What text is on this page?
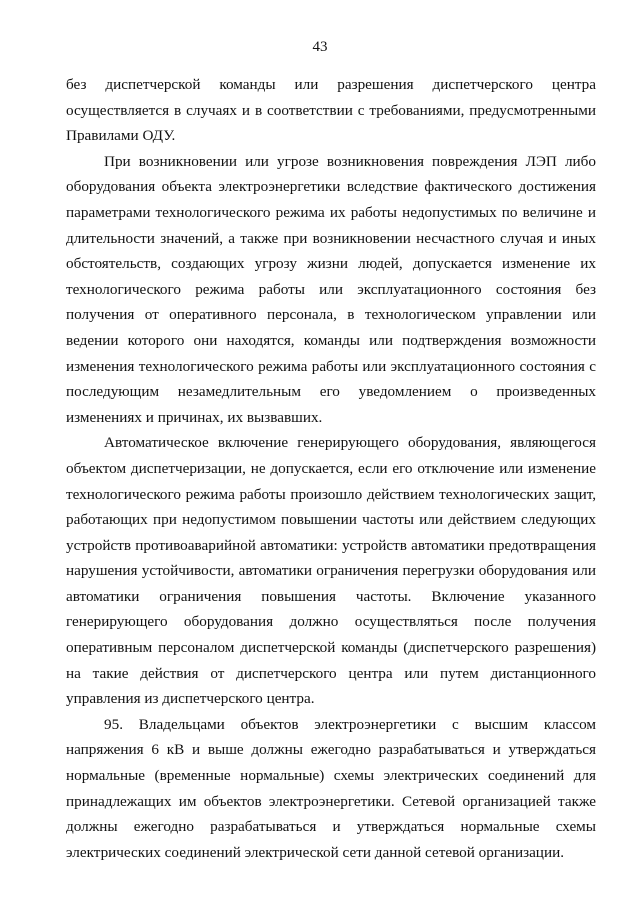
43

без диспетчерской команды или разрешения диспетчерского центра осуществляется в случаях и в соответствии с требованиями, предусмотренными Правилами ОДУ.

При возникновении или угрозе возникновения повреждения ЛЭП либо оборудования объекта электроэнергетики вследствие фактического достижения параметрами технологического режима их работы недопустимых по величине и длительности значений, а также при возникновении несчастного случая и иных обстоятельств, создающих угрозу жизни людей, допускается изменение их технологического режима работы или эксплуатационного состояния без получения от оперативного персонала, в технологическом управлении или ведении которого они находятся, команды или подтверждения возможности изменения технологического режима работы или эксплуатационного состояния с последующим незамедлительным его уведомлением о произведенных изменениях и причинах, их вызвавших.

Автоматическое включение генерирующего оборудования, являющегося объектом диспетчеризации, не допускается, если его отключение или изменение технологического режима работы произошло действием технологических защит, работающих при недопустимом повышении частоты или действием следующих устройств противоаварийной автоматики: устройств автоматики предотвращения нарушения устойчивости, автоматики ограничения перегрузки оборудования или автоматики ограничения повышения частоты. Включение указанного генерирующего оборудования должно осуществляться после получения оперативным персоналом диспетчерской команды (диспетчерского разрешения) на такие действия от диспетчерского центра или путем дистанционного управления из диспетчерского центра.

95. Владельцами объектов электроэнергетики с высшим классом напряжения 6 кВ и выше должны ежегодно разрабатываться и утверждаться нормальные (временные нормальные) схемы электрических соединений для принадлежащих им объектов электроэнергетики. Сетевой организацией также должны ежегодно разрабатываться и утверждаться нормальные схемы электрических соединений электрической сети данной сетевой организации.
